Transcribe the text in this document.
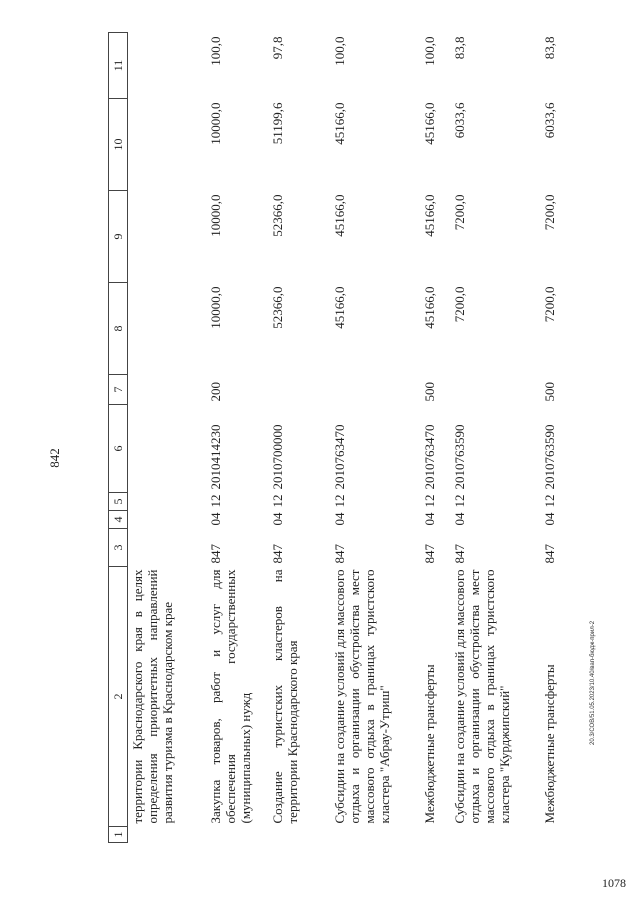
842
1078
20.3/СОВ/51.05.2023/10.40/вап-бюдж-прил-2
1	2	3	4	5	6	7	8	9	10	11
	территории Краснодарского края в целях определения приоритетных направлений развития туризма в Краснодарском крае									
	Закупка товаров, работ и услуг для обеспечения государственных (муниципальных) нужд	847	04	12	2010414230	200	10000,0	10000,0	10000,0	100,0
	Создание туристских кластеров на территории Краснодарского края	847	04	12	2010700000		52366,0	52366,0	51199,6	97,8
	Субсидии на создание условий для массового отдыха и организации обустройства мест массового отдыха в границах туристского кластера "Абрау-Утриш"	847	04	12	2010763470		45166,0	45166,0	45166,0	100,0
	Межбюджетные трансферты	847	04	12	2010763470	500	45166,0	45166,0	45166,0	100,0
	Субсидии на создание условий для массового отдыха и организации обустройства мест массового отдыха в границах туристского кластера "Курджипский"	847	04	12	2010763590		7200,0	7200,0	6033,6	83,8
	Межбюджетные трансферты	847	04	12	2010763590	500	7200,0	7200,0	6033,6	83,8
